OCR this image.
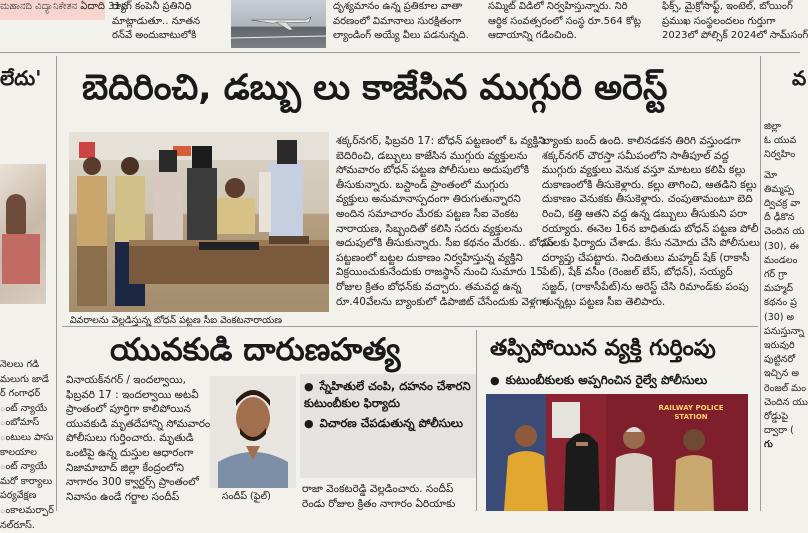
ಮಹಾನದಿ ವಿದ್ಯಾನಿಕೇತನ ఏదాది 31వ
ర్యాగ్ కంపెనీ ప్రతినిధి
మాట్లాడుతూ.. నూతన
రన్‌వే అందుబాటులోకి
దృశ్యమానం ఉన్న ప్రతికూల వాతా
వరణంలో విమానాలు సురక్షితంగా
ల్యాండింగ్ అయ్యే వీలు పడనున్నది.
సమ్మిట్ విడిలో నిర్వహిస్తున్నారు. నిరి
ఆర్థిక సంవత్సరంలో సంస్థ రూ.564 కోట్ల
ఆదాయాన్ని గడించింది.
ఫిక్స్, మైక్రోసాఫ్ట్, ఇంటెల్, బోయింగ్
ప్రముఖ సంస్థలందలం గుర్తుగా
2023లో పోల్సిక్ 2024లో సామ్‌సంగ్
లేదు'
నెలలు గడి
మలుగు జాడే
ర్ గంగాధర్
ంట్ న్యాయే
ంబోమాస్
ంటులు పాసు
కాలయాల
ంట్ న్యాయే
మరో కార్యాలు
పర్యవేక్షణ
ంకాలమర్పార్
నల్‌రూస్.
బెదిరించి, డబ్బు లు కాజేసిన ముగ్గురి అరెస్ట్
వివరాలను వెల్లడిస్తున్న బోధన్ పట్టణ సీఐ వెంకటనారాయణ
శక్కర్‌నగర్, ఫిబ్రవరి 17: బోధన్ పట్టణంలో ఓ వ్యక్తిని
బెదిరించి, డబ్బులు కాజేసిన ముగ్గురు వ్యక్తులను
సోమవారం బోధన్ పట్టణ పోలీసులు అదుపులోకి
తీసుకున్నారు. బస్టాండ్ ప్రాంతంలో ముగ్గురు
వ్యక్తులు అనుమానాస్పదంగా తిరుగుతున్నారని
అందిన సమాచారం మేరకు పట్టణ సీఐ వెంకట
నారాయణ, సిబ్బందితో కలిసి సదరు వ్యక్తులను
అదుపులోకి తీసుకున్నారు. సీఐ కథనం మేరకు.. బోధన్
పట్టణంలో బట్టల దుకాణం నిర్వహిస్తున్న వ్యక్తిని
విక్రయించుకునేందుకు రాజస్థాన్ నుంచి సుమారు 15
రోజుల క్రితం బోధన్‌కు వచ్చారు. తమవద్ద ఉన్న
రూ.40వేలను బ్యాంకులో డిపాజిట్ చేసేందుకు వెళ్లగా,
బ్యాంకు బంద్ ఉంది. కాలినడకన తిరిగి వస్తుండగా
శక్కర్‌నగర్ చౌరస్తా సమీపంలోని సాతీపూల్ వద్ద
ముగ్గురు వ్యక్తులు వెనుక వస్తూ మాటలు కలిపి కల్లు
దుకాణంలోకి తీసుకెళ్లారు. కల్లు తాగించి, ఆతడిని కల్లు
దుకాణం వెనుకకు తీసుకెళ్లారు. చంపుతామంటూ బెది
రించి, కత్తి ఆతని వద్ద ఉన్న డబ్బులు తీసుకుని పరా
రయ్యారు. ఈనెల 16న బాధితుడు బోధన్ పట్టణ పోలీ
సులకు ఫిర్యాదు చేశాడు. కేసు నమోదు చేసి పోలీసులు
దర్యాప్తు చేపట్టారు. నిందితులు మహ్మద్ షేక్ (రాకాసీ
పేట్), షేక్ వసీం (రెంజల్ బేస్, బోధన్), సయ్యద్
సజ్జద్, (రాకాసీపేట్)ను అరెస్ట్ చేసి రిమాండ్‌కు పంపు
తున్నట్లు పట్టణ సీఐ తెలిపారు.
యువకుడి దారుణహత్య
వినాయక్‌నగర్ / ఇందల్వాయి,
ఫిబ్రవరి 17 : ఇందల్వాయి అటవీ
ప్రాంతంలో పూర్తిగా కాలిపోయిన
యువకుడి మృతదేహాన్ని సోమవారం
పోలీసులు గుర్తించారు. మృతుడి
ఒంటిపై ఉన్న దుస్తుల ఆధారంగా
నిజామాబాద్ జిల్లా కేంద్రంలోని
నాగారం 300 క్వార్టర్స్ ప్రాంతంలో
నివాసం ఉండే గర్జాల సందీప్	సందీప్ (ఫైల్)
● స్నేహితులే చంపి, దహనం చేశారని కుటుంబీకుల ఫిర్యాదు
● విచారణ చేపడుతున్న పోలీసులు
రాజా వెంకటరెడ్డి వెల్లడించారు. సందీప్
రెండు రోజుల క్రితం నాగారం ఏరియాకు
తప్పిపోయిన వ్యక్తి గుర్తింపు
● కుటుంబీకులకు అప్పగించిన రైల్వే పోలీసులు
RAILWAY POLICE STATION
వ
జిల్లా
ఓ యువ
నిర్వహిం
మో
తిమ్మప్ప
ద్విచక్ర వా
దీ ఢీకొన
చెందిన య
(30), ఈ
మండలం
గర్ గ్రా
మహ్మద్
కథనం ప్ర
(30) అ
పనుస్తున్నా
ఇరువురి
పుట్టినరో
ఇచ్చిన అ
రెంజల్ మం
చెందిన యు
రోడ్డుపై
ద్వారా (
గు
